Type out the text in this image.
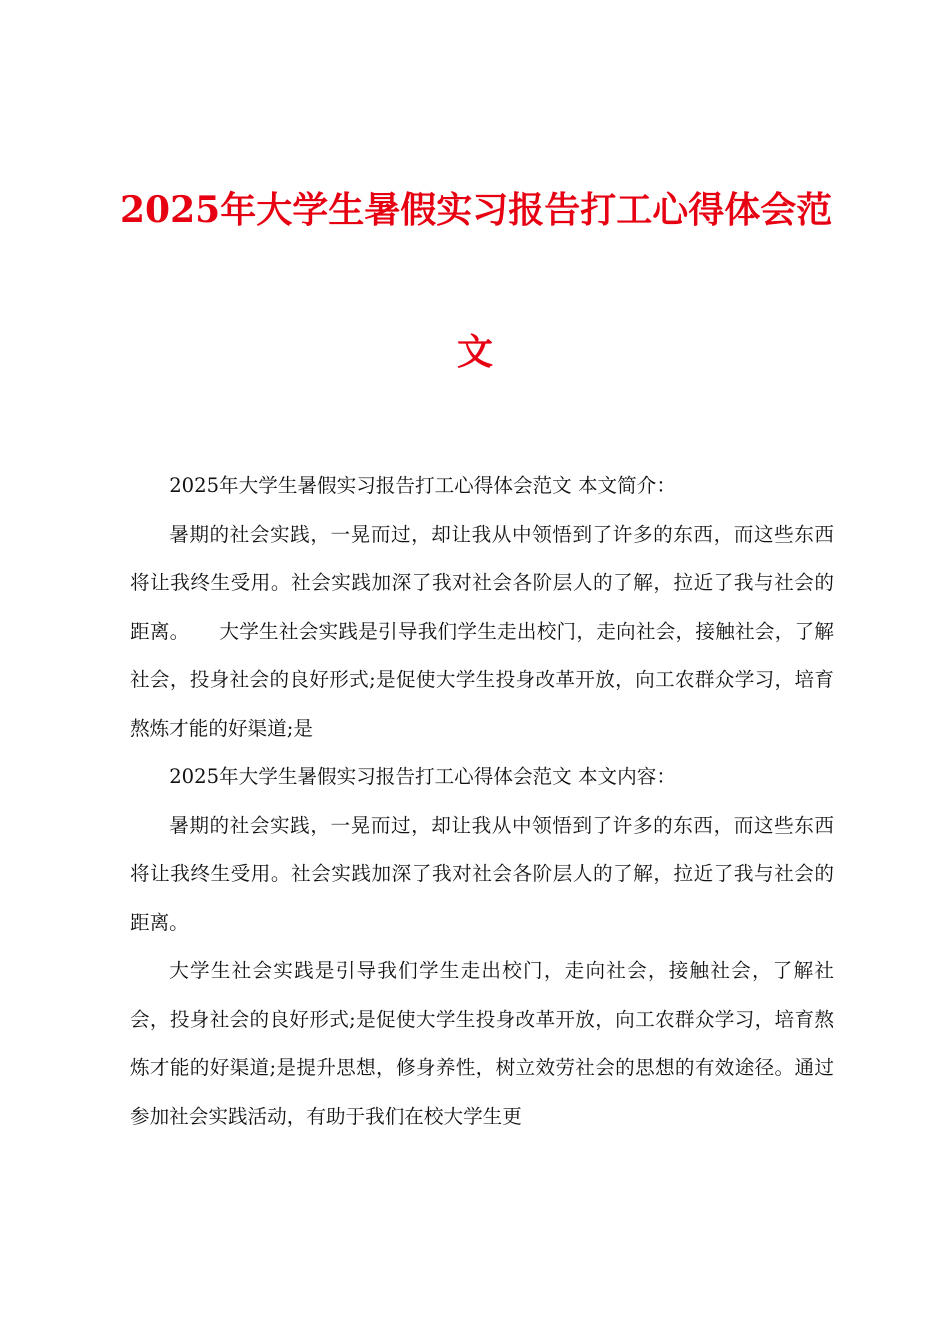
2025年大学生暑假实习报告打工心得体会范
文

2025年大学生暑假实习报告打工心得体会范文 本文简介：

暑期的社会实践，一晃而过，却让我从中领悟到了许多的东西，而这些东西将让我终生受用。社会实践加深了我对社会各阶层人的了解，拉近了我与社会的距离。　　大学生社会实践是引导我们学生走出校门，走向社会，接触社会，了解社会，投身社会的良好形式;是促使大学生投身改革开放，向工农群众学习，培育熬炼才能的好渠道;是

2025年大学生暑假实习报告打工心得体会范文 本文内容：

暑期的社会实践，一晃而过，却让我从中领悟到了许多的东西，而这些东西将让我终生受用。社会实践加深了我对社会各阶层人的了解，拉近了我与社会的距离。

大学生社会实践是引导我们学生走出校门，走向社会，接触社会，了解社会，投身社会的良好形式;是促使大学生投身改革开放，向工农群众学习，培育熬炼才能的好渠道;是提升思想，修身养性，树立效劳社会的思想的有效途径。通过参加社会实践活动，有助于我们在校大学生更
